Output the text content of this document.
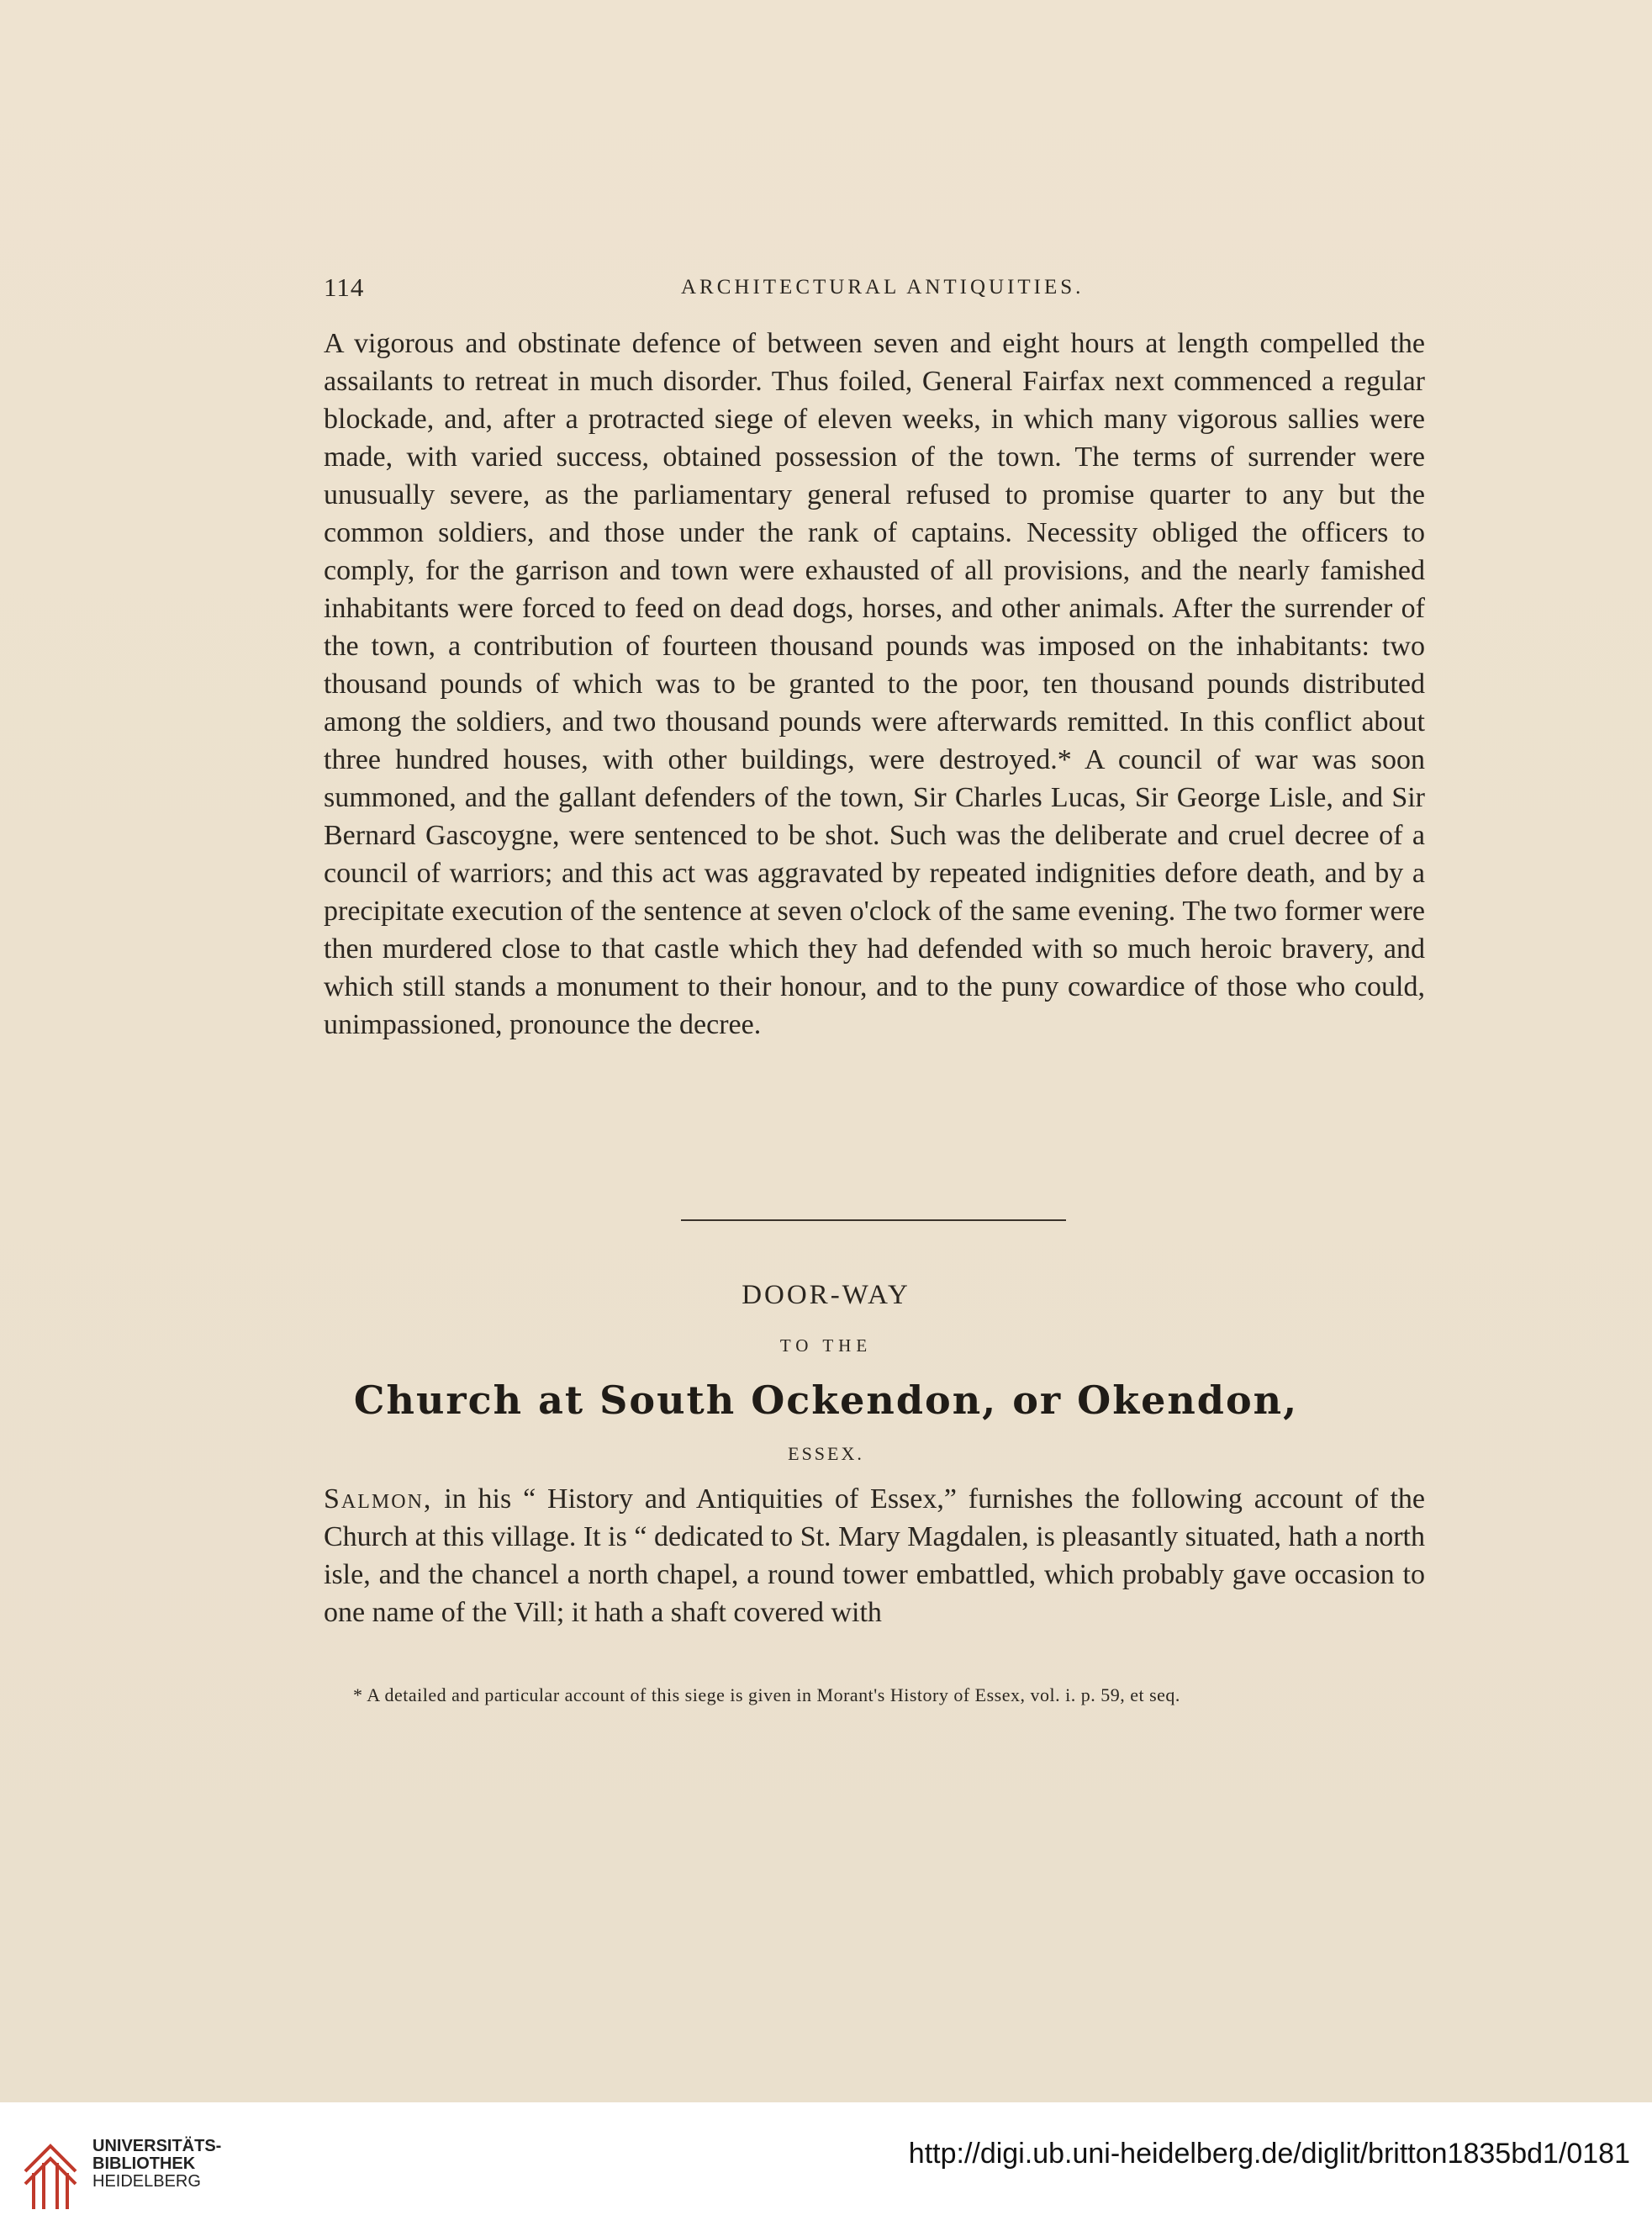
114	ARCHITECTURAL ANTIQUITIES.
A vigorous and obstinate defence of between seven and eight hours at length compelled the assailants to retreat in much disorder. Thus foiled, General Fairfax next commenced a regular blockade, and, after a protracted siege of eleven weeks, in which many vigorous sallies were made, with varied success, obtained possession of the town. The terms of surrender were unusually severe, as the parliamentary general refused to promise quarter to any but the common soldiers, and those under the rank of captains. Necessity obliged the officers to comply, for the garrison and town were exhausted of all provisions, and the nearly famished inhabitants were forced to feed on dead dogs, horses, and other animals. After the surrender of the town, a contribution of fourteen thousand pounds was imposed on the inhabitants: two thousand pounds of which was to be granted to the poor, ten thousand pounds distributed among the soldiers, and two thousand pounds were afterwards remitted. In this conflict about three hundred houses, with other buildings, were destroyed.* A council of war was soon summoned, and the gallant defenders of the town, Sir Charles Lucas, Sir George Lisle, and Sir Bernard Gascoygne, were sentenced to be shot. Such was the deliberate and cruel decree of a council of warriors; and this act was aggravated by repeated indignities defore death, and by a precipitate execution of the sentence at seven o'clock of the same evening. The two former were then murdered close to that castle which they had defended with so much heroic bravery, and which still stands a monument to their honour, and to the puny cowardice of those who could, unimpassioned, pronounce the decree.
DOOR-WAY
TO THE
Church at South Ockendon, or Okendon,
ESSEX.
Salmon, in his “ History and Antiquities of Essex,” furnishes the following account of the Church at this village. It is “ dedicated to St. Mary Magdalen, is pleasantly situated, hath a north isle, and the chancel a north chapel, a round tower embattled, which probably gave occasion to one name of the Vill; it hath a shaft covered with
* A detailed and particular account of this siege is given in Morant's History of Essex, vol. i. p. 59, et seq.
UNIVERSITÄTS-
BIBLIOTHEK
HEIDELBERG
http://digi.ub.uni-heidelberg.de/diglit/britton1835bd1/0181
